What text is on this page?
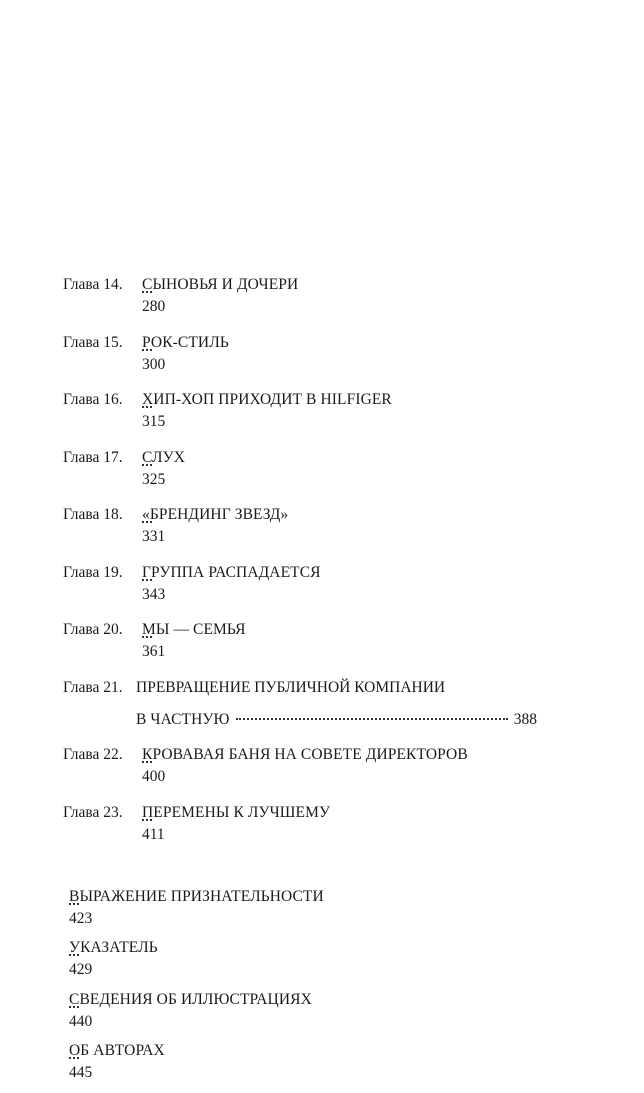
Глава 14.	СЫНОВЬЯ И ДОЧЕРИ
280
Глава 15.	РОК-СТИЛЬ
300
Глава 16.	ХИП-ХОП ПРИХОДИТ В HILFIGER
315
Глава 17.	СЛУХ
325
Глава 18.	«БРЕНДИНГ ЗВЕЗД»
331
Глава 19.	ГРУППА РАСПАДАЕТСЯ
343
Глава 20.	МЫ — СЕМЬЯ
361
Глава 21. ПРЕВРАЩЕНИЕ ПУБЛИЧНОЙ КОМПАНИИ
В ЧАСТНУЮ	388
Глава 22.	КРОВАВАЯ БАНЯ НА СОВЕТЕ ДИРЕКТОРОВ
400
Глава 23.	ПЕРЕМЕНЫ К ЛУЧШЕМУ
411
ВЫРАЖЕНИЕ ПРИЗНАТЕЛЬНОСТИ
423
УКАЗАТЕЛЬ
429
СВЕДЕНИЯ ОБ ИЛЛЮСТРАЦИЯХ
440
ОБ АВТОРАХ
445
